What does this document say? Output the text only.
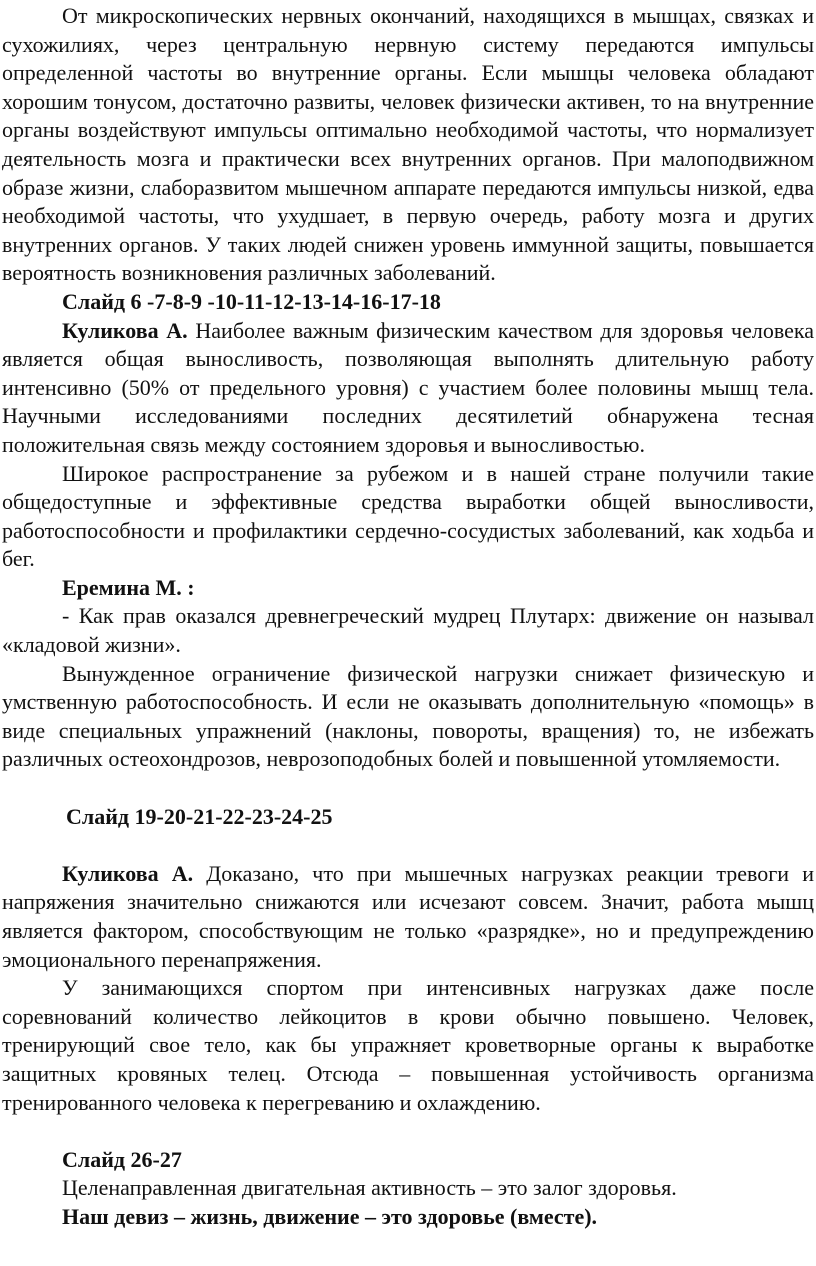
От микроскопических нервных окончаний, находящихся в мышцах, связках и сухожилиях, через центральную нервную систему передаются импульсы определенной частоты во внутренние органы. Если мышцы человека обладают хорошим тонусом, достаточно развиты, человек физически активен, то на внутренние органы воздействуют импульсы оптимально необходимой частоты, что нормализует деятельность мозга и практически всех внутренних органов. При малоподвижном образе жизни, слаборазвитом мышечном аппарате передаются импульсы низкой, едва необходимой частоты, что ухудшает, в первую очередь, работу мозга и других внутренних органов. У таких людей снижен уровень иммунной защиты, повышается вероятность возникновения различных заболеваний.

Слайд 6 -7-8-9 -10-11-12-13-14-16-17-18

Куликова А. Наиболее важным физическим качеством для здоровья человека является общая выносливость, позволяющая выполнять длительную работу интенсивно (50% от предельного уровня) с участием более половины мышц тела. Научными исследованиями последних десятилетий обнаружена тесная положительная связь между состоянием здоровья и выносливостью.

Широкое распространение за рубежом и в нашей стране получили такие общедоступные и эффективные средства выработки общей выносливости, работоспособности и профилактики сердечно-сосудистых заболеваний, как ходьба и бег.

Еремина М. :

- Как прав оказался древнегреческий мудрец Плутарх: движение он называл «кладовой жизни».

Вынужденное ограничение физической нагрузки снижает физическую и умственную работоспособность. И если не оказывать дополнительную «помощь» в виде специальных упражнений (наклоны, повороты, вращения) то, не избежать различных остеохондрозов, неврозоподобных болей и повышенной утомляемости.

Слайд 19-20-21-22-23-24-25

Куликова А. Доказано, что при мышечных нагрузках реакции тревоги и напряжения значительно снижаются или исчезают совсем. Значит, работа мышц является фактором, способствующим не только «разрядке», но и предупреждению эмоционального перенапряжения.

У занимающихся спортом при интенсивных нагрузках даже после соревнований количество лейкоцитов в крови обычно повышено. Человек, тренирующий свое тело, как бы упражняет кроветворные органы к выработке защитных кровяных телец. Отсюда – повышенная устойчивость организма тренированного человека к перегреванию и охлаждению.

Слайд 26-27

Целенаправленная двигательная активность – это залог здоровья.

Наш девиз – жизнь, движение – это здоровье (вместе).
